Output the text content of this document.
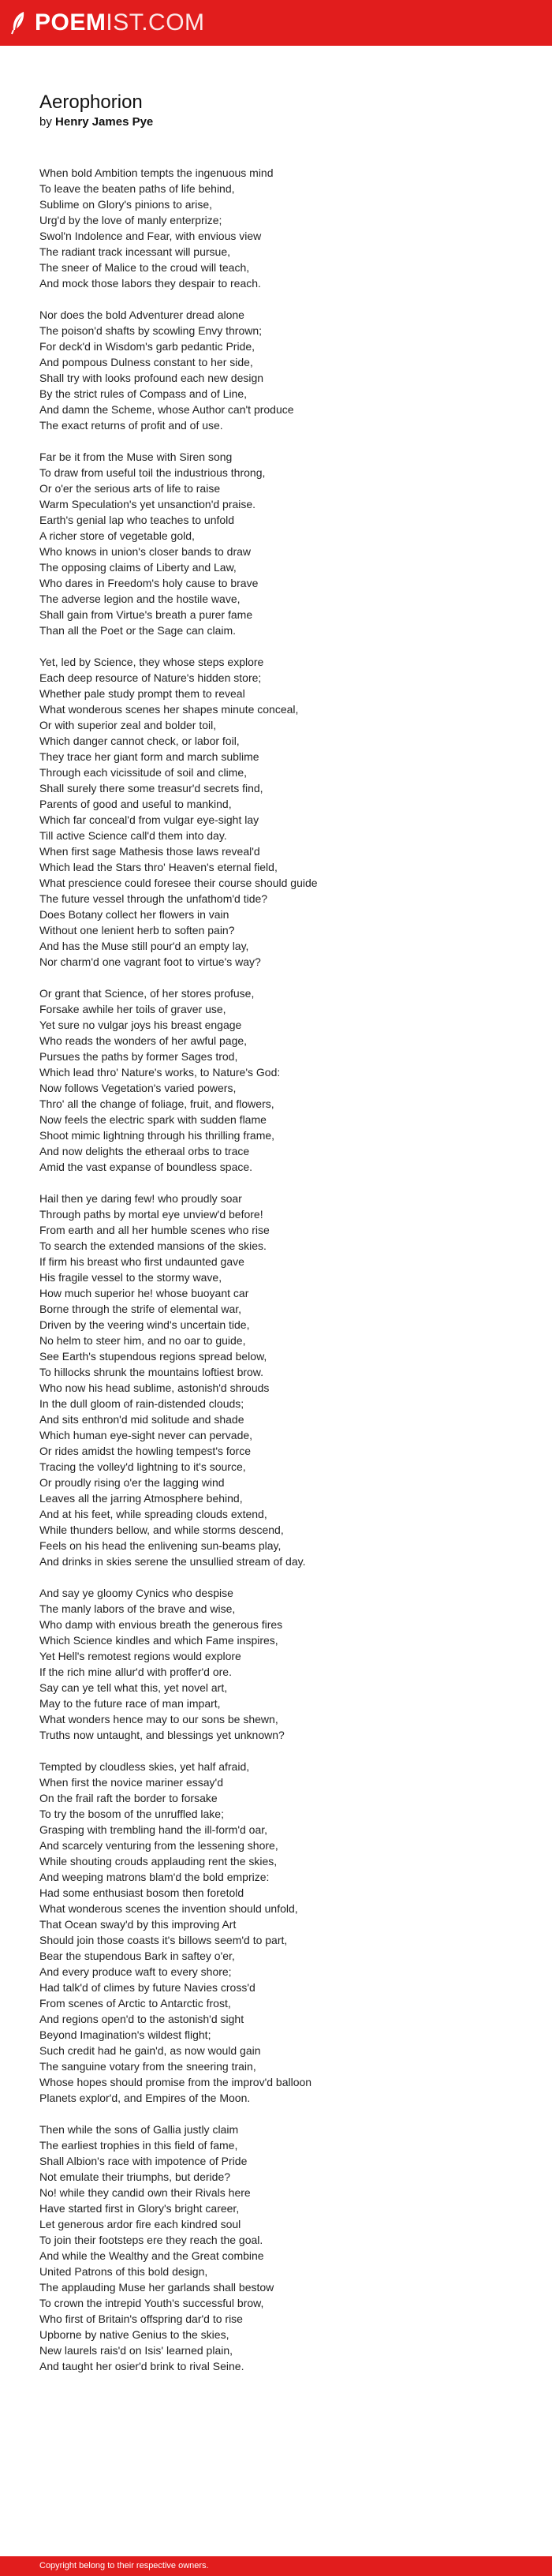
POEMIST.COM
Aerophorion
by Henry James Pye

When bold Ambition tempts the ingenuous mind
To leave the beaten paths of life behind,
Sublime on Glory's pinions to arise,
Urg'd by the love of manly enterprize;
Swol'n Indolence and Fear, with envious view
The radiant track incessant will pursue,
The sneer of Malice to the croud will teach,
And mock those labors they despair to reach.

Nor does the bold Adventurer dread alone
The poison'd shafts by scowling Envy thrown;
For deck'd in Wisdom's garb pedantic Pride,
And pompous Dulness constant to her side,
Shall try with looks profound each new design
By the strict rules of Compass and of Line,
And damn the Scheme, whose Author can't produce
The exact returns of profit and of use.

Far be it from the Muse with Siren song
To draw from useful toil the industrious throng,
Or o'er the serious arts of life to raise
Warm Speculation's yet unsanction'd praise.
Earth's genial lap who teaches to unfold
A richer store of vegetable gold,
Who knows in union's closer bands to draw
The opposing claims of Liberty and Law,
Who dares in Freedom's holy cause to brave
The adverse legion and the hostile wave,
Shall gain from Virtue's breath a purer fame
Than all the Poet or the Sage can claim.

Yet, led by Science, they whose steps explore
Each deep resource of Nature's hidden store;
Whether pale study prompt them to reveal
What wonderous scenes her shapes minute conceal,
Or with superior zeal and bolder toil,
Which danger cannot check, or labor foil,
They trace her giant form and march sublime
Through each vicissitude of soil and clime,
Shall surely there some treasur'd secrets find,
Parents of good and useful to mankind,
Which far conceal'd from vulgar eye-sight lay
Till active Science call'd them into day.
When first sage Mathesis those laws reveal'd
Which lead the Stars thro' Heaven's eternal field,
What prescience could foresee their course should guide
The future vessel through the unfathom'd tide?
Does Botany collect her flowers in vain
Without one lenient herb to soften pain?
And has the Muse still pour'd an empty lay,
Nor charm'd one vagrant foot to virtue's way?

Or grant that Science, of her stores profuse,
Forsake awhile her toils of graver use,
Yet sure no vulgar joys his breast engage
Who reads the wonders of her awful page,
Pursues the paths by former Sages trod,
Which lead thro' Nature's works, to Nature's God:
Now follows Vegetation's varied powers,
Thro' all the change of foliage, fruit, and flowers,
Now feels the electric spark with sudden flame
Shoot mimic lightning through his thrilling frame,
And now delights the etheraal orbs to trace
Amid the vast expanse of boundless space.

Hail then ye daring few! who proudly soar
Through paths by mortal eye unview'd before!
From earth and all her humble scenes who rise
To search the extended mansions of the skies.
If firm his breast who first undaunted gave
His fragile vessel to the stormy wave,
How much superior he! whose buoyant car
Borne through the strife of elemental war,
Driven by the veering wind's uncertain tide,
No helm to steer him, and no oar to guide,
See Earth's stupendous regions spread below,
To hillocks shrunk the mountains loftiest brow.
Who now his head sublime, astonish'd shrouds
In the dull gloom of rain-distended clouds;
And sits enthron'd mid solitude and shade
Which human eye-sight never can pervade,
Or rides amidst the howling tempest's force
Tracing the volley'd lightning to it's source,
Or proudly rising o'er the lagging wind
Leaves all the jarring Atmosphere behind,
And at his feet, while spreading clouds extend,
While thunders bellow, and while storms descend,
Feels on his head the enlivening sun-beams play,
And drinks in skies serene the unsullied stream of day.

And say ye gloomy Cynics who despise
The manly labors of the brave and wise,
Who damp with envious breath the generous fires
Which Science kindles and which Fame inspires,
Yet Hell's remotest regions would explore
If the rich mine allur'd with proffer'd ore.
Say can ye tell what this, yet novel art,
May to the future race of man impart,
What wonders hence may to our sons be shewn,
Truths now untaught, and blessings yet unknown?

Tempted by cloudless skies, yet half afraid,
When first the novice mariner essay'd
On the frail raft the border to forsake
To try the bosom of the unruffled lake;
Grasping with trembling hand the ill-form'd oar,
And scarcely venturing from the lessening shore,
While shouting crouds applauding rent the skies,
And weeping matrons blam'd the bold emprize:
Had some enthusiast bosom then foretold
What wonderous scenes the invention should unfold,
That Ocean sway'd by this improving Art
Should join those coasts it's billows seem'd to part,
Bear the stupendous Bark in saftey o'er,
And every produce waft to every shore;
Had talk'd of climes by future Navies cross'd
From scenes of Arctic to Antarctic frost,
And regions open'd to the astonish'd sight
Beyond Imagination's wildest flight;
Such credit had he gain'd, as now would gain
The sanguine votary from the sneering train,
Whose hopes should promise from the improv'd balloon
Planets explor'd, and Empires of the Moon.

Then while the sons of Gallia justly claim
The earliest trophies in this field of fame,
Shall Albion's race with impotence of Pride
Not emulate their triumphs, but deride?
No! while they candid own their Rivals here
Have started first in Glory's bright career,
Let generous ardor fire each kindred soul
To join their footsteps ere they reach the goal.
And while the Wealthy and the Great combine
United Patrons of this bold design,
The applauding Muse her garlands shall bestow
To crown the intrepid Youth's successful brow,
Who first of Britain's offspring dar'd to rise
Upborne by native Genius to the skies,
New laurels rais'd on Isis' learned plain,
And taught her osier'd brink to rival Seine.

Copyright belong to their respective owners.
